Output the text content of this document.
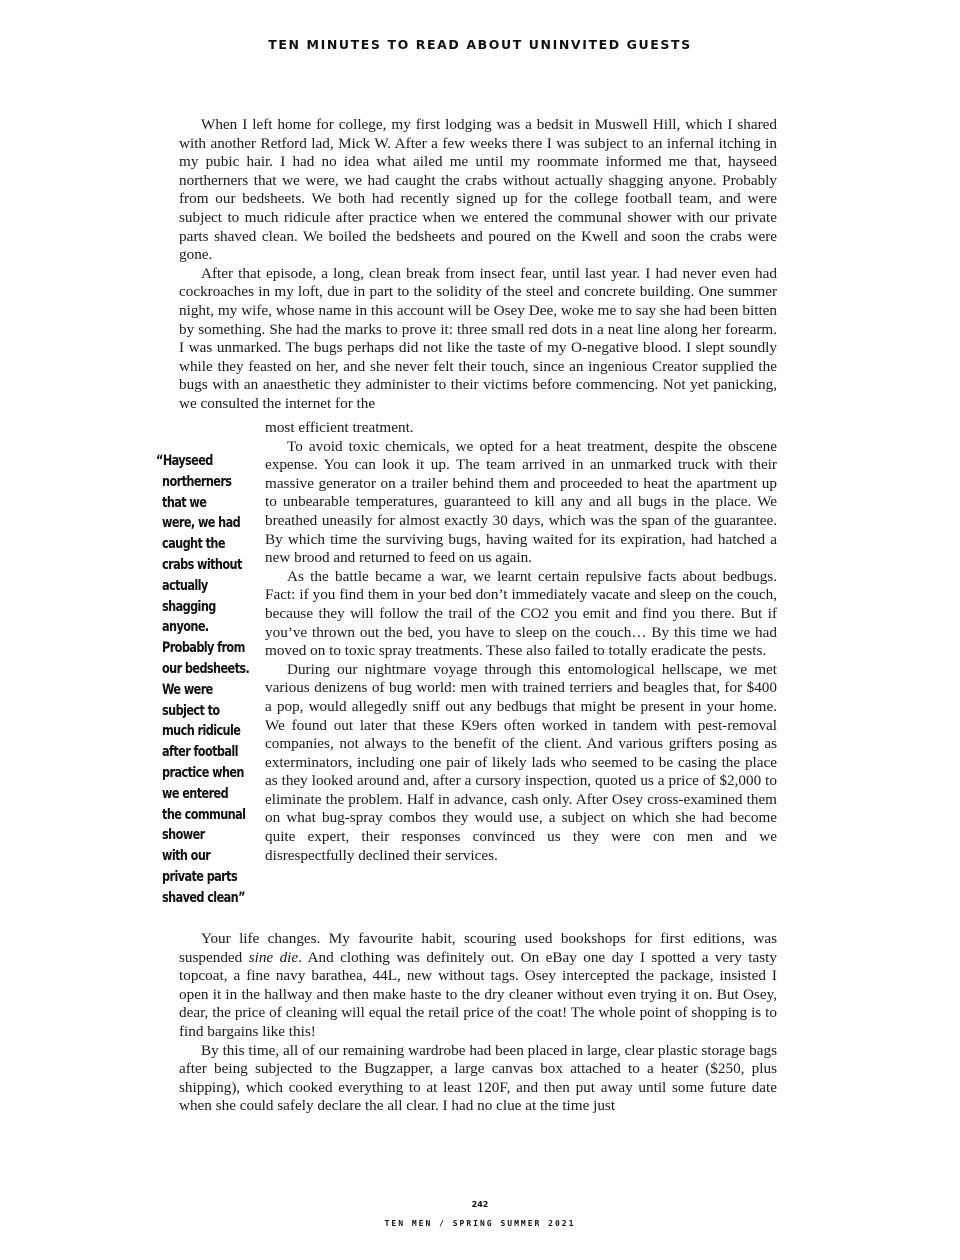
TEN MINUTES TO READ ABOUT UNINVITED GUESTS

When I left home for college, my first lodging was a bedsit in Muswell Hill, which I shared with another Retford lad, Mick W. After a few weeks there I was subject to an infernal itching in my pubic hair. I had no idea what ailed me until my roommate informed me that, hayseed northerners that we were, we had caught the crabs without actually shagging anyone. Probably from our bedsheets. We both had recently signed up for the college football team, and were subject to much ridicule after practice when we entered the communal shower with our private parts shaved clean. We boiled the bedsheets and poured on the Kwell and soon the crabs were gone.

After that episode, a long, clean break from insect fear, until last year. I had never even had cockroaches in my loft, due in part to the solidity of the steel and concrete building. One summer night, my wife, whose name in this account will be Osey Dee, woke me to say she had been bitten by something. She had the marks to prove it: three small red dots in a neat line along her forearm. I was unmarked. The bugs perhaps did not like the taste of my O-negative blood. I slept soundly while they feasted on her, and she never felt their touch, since an ingenious Creator supplied the bugs with an anaesthetic they administer to their victims before commencing. Not yet panicking, we consulted the internet for the

“Hayseed
northerners
that we
were, we had
caught the
crabs without
actually
shagging
anyone.
Probably from
our bedsheets.
We were
subject to
much ridicule
after football
practice when
we entered
the communal
shower
with our
private parts
shaved clean”

most efficient treatment.

To avoid toxic chemicals, we opted for a heat treatment, despite the obscene expense. You can look it up. The team arrived in an unmarked truck with their massive generator on a trailer behind them and proceeded to heat the apartment up to unbearable temperatures, guaranteed to kill any and all bugs in the place. We breathed uneasily for almost exactly 30 days, which was the span of the guarantee. By which time the surviving bugs, having waited for its expiration, had hatched a new brood and returned to feed on us again.

As the battle became a war, we learnt certain repulsive facts about bedbugs. Fact: if you find them in your bed don’t immediately vacate and sleep on the couch, because they will follow the trail of the CO2 you emit and find you there. But if you’ve thrown out the bed, you have to sleep on the couch… By this time we had moved on to toxic spray treatments. These also failed to totally eradicate the pests.

During our nightmare voyage through this entomological hellscape, we met various denizens of bug world: men with trained terriers and beagles that, for $400 a pop, would allegedly sniff out any bedbugs that might be present in your home. We found out later that these K9ers often worked in tandem with pest-removal companies, not always to the benefit of the client. And various grifters posing as exterminators, including one pair of likely lads who seemed to be casing the place as they looked around and, after a cursory inspection, quoted us a price of $2,000 to eliminate the problem. Half in advance, cash only. After Osey cross-examined them on what bug-spray combos they would use, a subject on which she had become quite expert, their responses convinced us they were con men and we disrespectfully declined their services.

Your life changes. My favourite habit, scouring used bookshops for first editions, was suspended sine die. And clothing was definitely out. On eBay one day I spotted a very tasty topcoat, a fine navy barathea, 44L, new without tags. Osey intercepted the package, insisted I open it in the hallway and then make haste to the dry cleaner without even trying it on. But Osey, dear, the price of cleaning will equal the retail price of the coat! The whole point of shopping is to find bargains like this!

By this time, all of our remaining wardrobe had been placed in large, clear plastic storage bags after being subjected to the Bugzapper, a large canvas box attached to a heater ($250, plus shipping), which cooked everything to at least 120F, and then put away until some future date when she could safely declare the all clear. I had no clue at the time just

242
TEN MEN / SPRING SUMMER 2021
